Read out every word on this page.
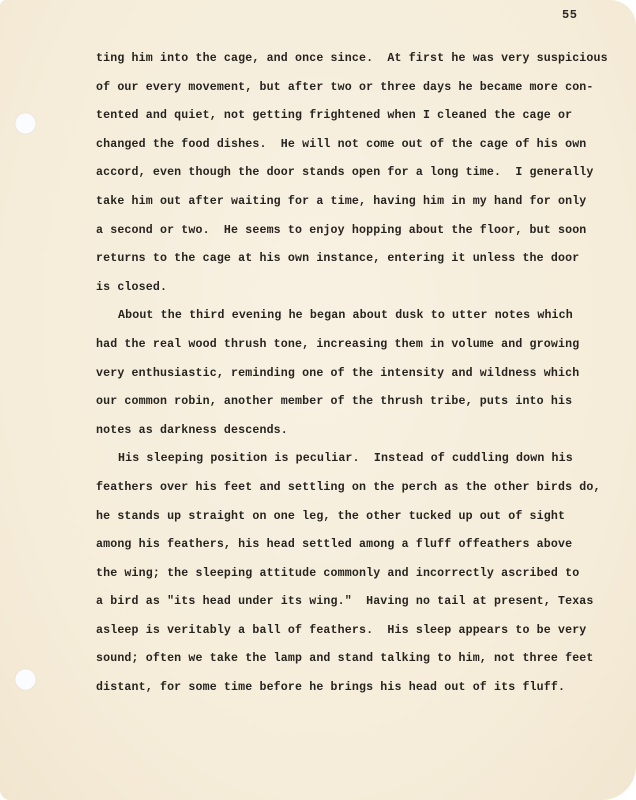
55
ting him into the cage, and once since.  At first he was very suspicious
of our every movement, but after two or three days he became more con-
tented and quiet, not getting frightened when I cleaned the cage or
changed the food dishes.  He will not come out of the cage of his own
accord, even though the door stands open for a long time.  I generally
take him out after waiting for a time, having him in my hand for only
a second or two.  He seems to enjoy hopping about the floor, but soon
returns to the cage at his own instance, entering it unless the door
is closed.
About the third evening he began about dusk to utter notes which
had the real wood thrush tone, increasing them in volume and growing
very enthusiastic, reminding one of the intensity and wildness which
our common robin, another member of the thrush tribe, puts into his
notes as darkness descends.
His sleeping position is peculiar.  Instead of cuddling down his
feathers over his feet and settling on the perch as the other birds do,
he stands up straight on one leg, the other tucked up out of sight
among his feathers, his head settled among a fluff offeathers above
the wing; the sleeping attitude commonly and incorrectly ascribed to
a bird as "its head under its wing."  Having no tail at present, Texas
asleep is veritably a ball of feathers.  His sleep appears to be very
sound; often we take the lamp and stand talking to him, not three feet
distant, for some time before he brings his head out of its fluff.
